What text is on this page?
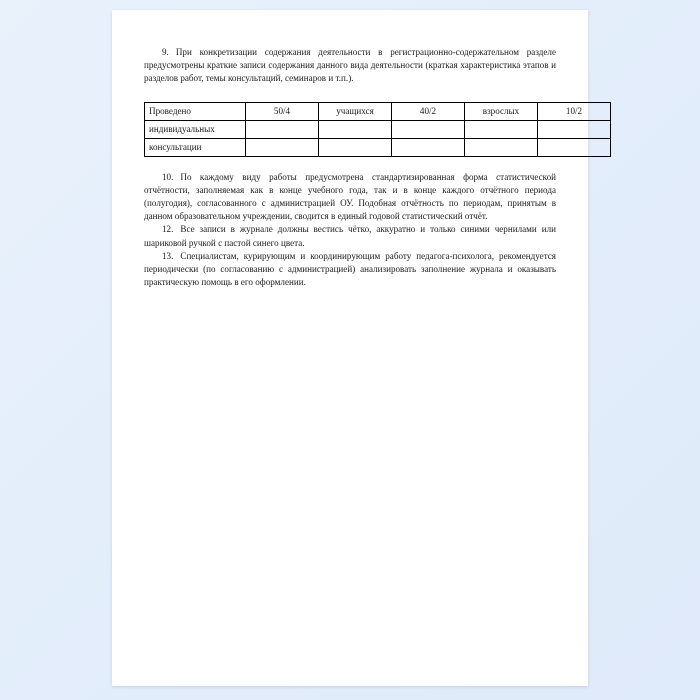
9. При конкретизации содержания деятельности в регистрационно-содержательном разделе предусмотрены краткие записи содержания данного вида деятельности (краткая характеристика этапов и разделов работ, темы консультаций, семинаров и т.п.).

Проведено	50/4	учащихся	40/2	взрослых	10/2
индивидуальных					
консультации					

10. По каждому виду работы предусмотрена стандартизированная форма статистической отчётности, заполняемая как в конце учебного года, так и в конце каждого отчётного периода (полугодия), согласованного с администрацией ОУ. Подобная отчётность по периодам, принятым в данном образовательном учреждении, сводится в единый годовой статистический отчёт.

12. Все записи в журнале должны вестись чётко, аккуратно и только синими чернилами или шариковой ручкой с пастой синего цвета.

13. Специалистам, курирующим и координирующим работу педагога-психолога, рекомендуется периодически (по согласованию с администрацией) анализировать заполнение журнала и оказывать практическую помощь в его оформлении.
